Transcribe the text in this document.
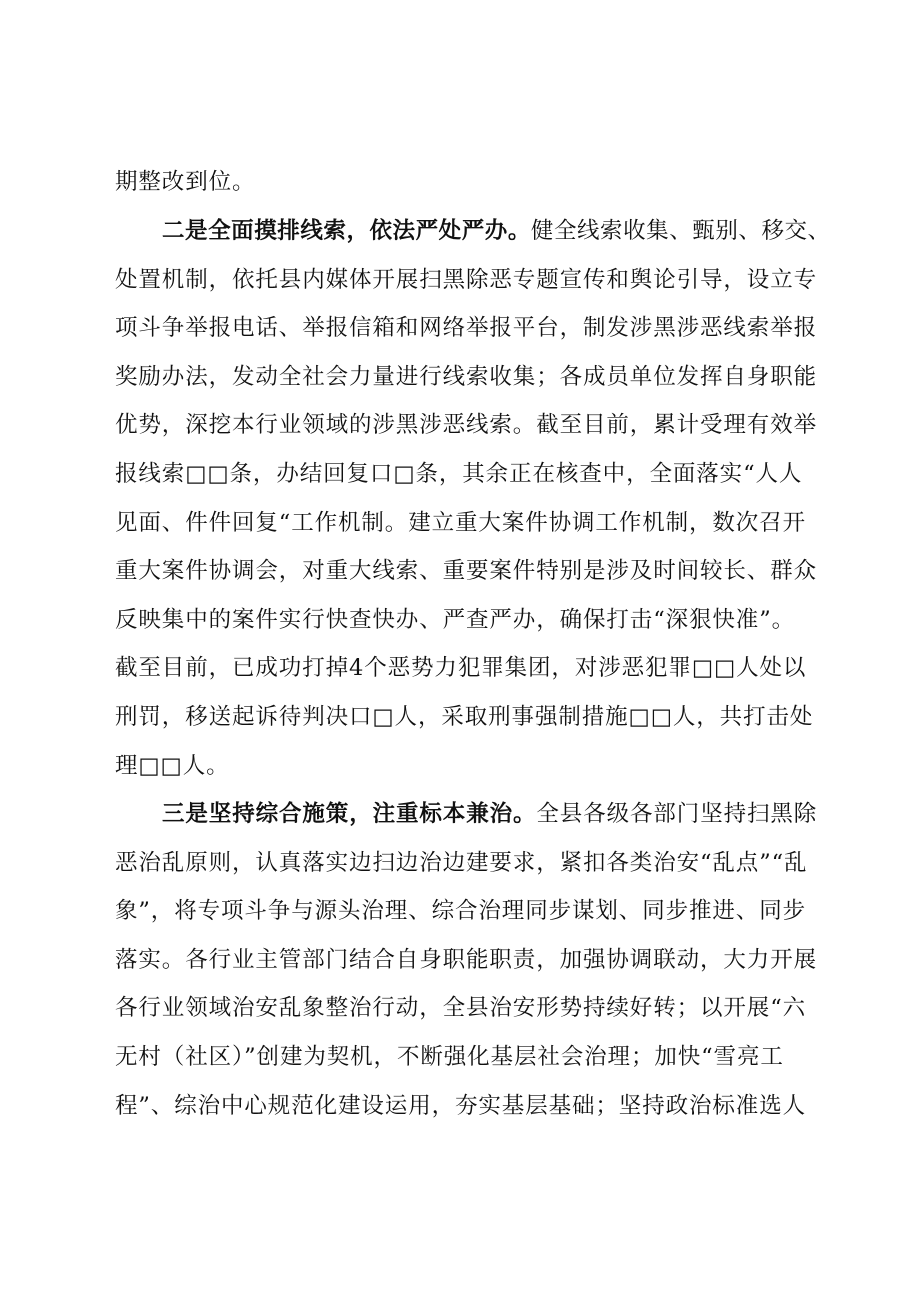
期整改到位。
二是全面摸排线索，依法严处严办。健全线索收集、甄别、移交、
处置机制，依托县内媒体开展扫黑除恶专题宣传和舆论引导，设立专
项斗争举报电话、举报信箱和网络举报平台，制发涉黑涉恶线索举报
奖励办法，发动全社会力量进行线索收集；各成员单位发挥自身职能
优势，深挖本行业领域的涉黑涉恶线索。截至目前，累计受理有效举
报线索□□条，办结回复口□条，其余正在核查中，全面落实“人人
见面、件件回复“工作机制。建立重大案件协调工作机制，数次召开
重大案件协调会，对重大线索、重要案件特别是涉及时间较长、群众
反映集中的案件实行快查快办、严查严办，确保打击“深狠快准”。
截至目前，已成功打掉4个恶势力犯罪集团，对涉恶犯罪□□人处以
刑罚，移送起诉待判决口□人，采取刑事强制措施□□人，共打击处
理□□人。
三是坚持综合施策，注重标本兼治。全县各级各部门坚持扫黑除
恶治乱原则，认真落实边扫边治边建要求，紧扣各类治安“乱点”“乱
象”，将专项斗争与源头治理、综合治理同步谋划、同步推进、同步
落实。各行业主管部门结合自身职能职责，加强协调联动，大力开展
各行业领域治安乱象整治行动，全县治安形势持续好转；以开展“六
无村（社区）”创建为契机，不断强化基层社会治理；加快“雪亮工
程”、综治中心规范化建设运用，夯实基层基础；坚持政治标准选人
